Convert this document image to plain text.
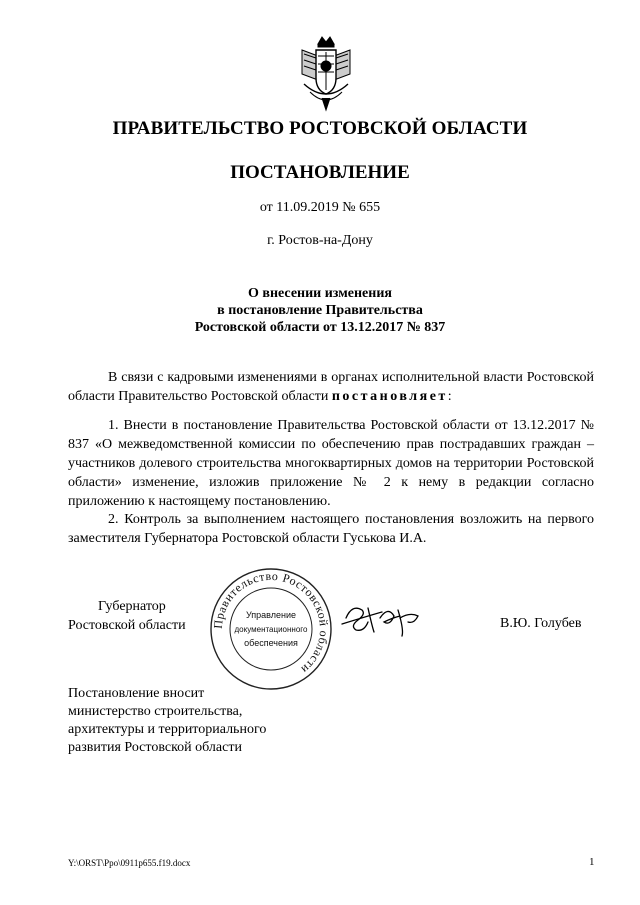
ПРАВИТЕЛЬСТВО РОСТОВСКОЙ ОБЛАСТИ
ПОСТАНОВЛЕНИЕ
от 11.09.2019 № 655
г. Ростов-на-Дону
О внесении изменения
в постановление Правительства
Ростовской области от 13.12.2017 № 837

В связи с кадровыми изменениями в органах исполнительной власти Ростовской области Правительство Ростовской области постановляет:

1. Внести в постановление Правительства Ростовской области от 13.12.2017 № 837 «О межведомственной комиссии по обеспечению прав пострадавших граждан – участников долевого строительства многоквартирных домов на территории Ростовской области» изменение, изложив приложение № 2 к нему в редакции согласно приложению к настоящему постановлению.

2. Контроль за выполнением настоящего постановления возложить на первого заместителя Губернатора Ростовской области Гуськова И.А.

Губернатор
Ростовской области	Правительство Ростовской области
Управление
документационного
обеспечения
В.Ю. Голубев
Постановление вносит
министерство строительства,
архитектуры и территориального
развития Ростовской области
Y:\ORST\Ppo\0911p655.f19.docx	1
